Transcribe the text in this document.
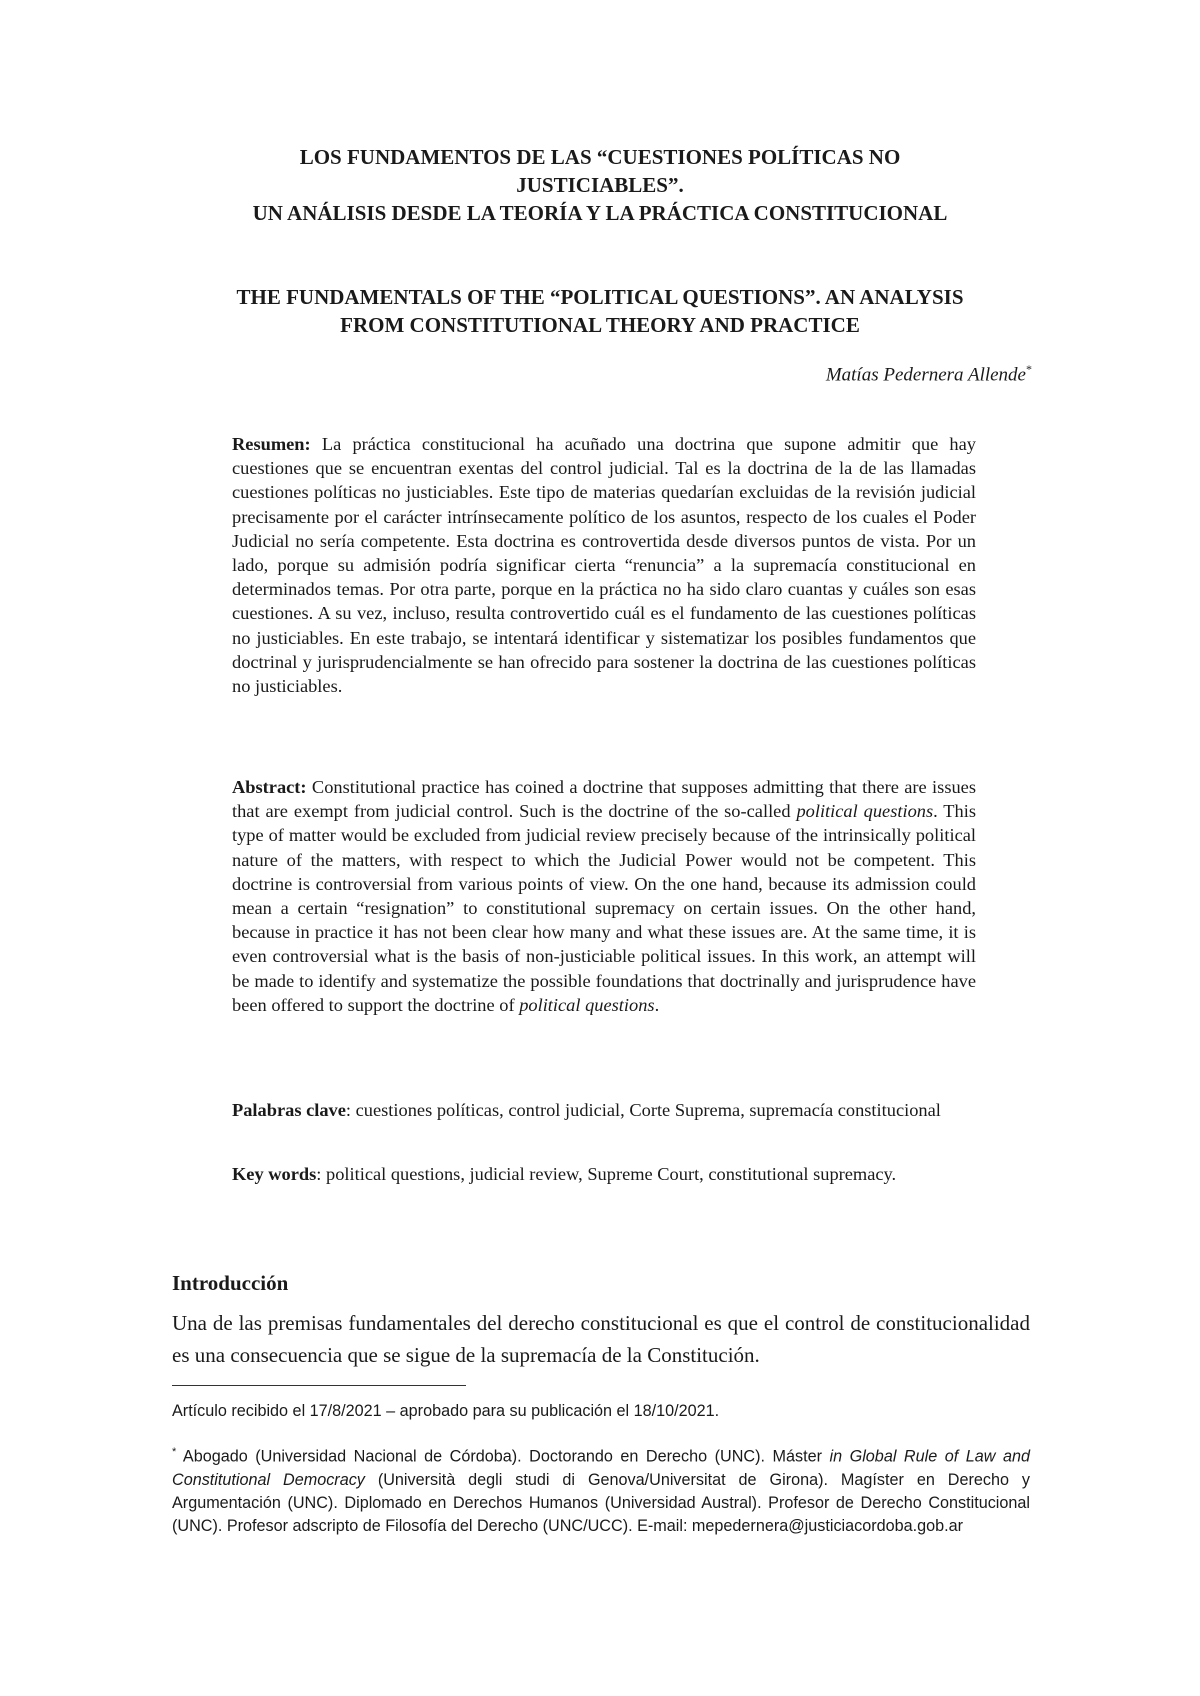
LOS FUNDAMENTOS DE LAS “CUESTIONES POLÍTICAS NO
JUSTICIABLES”.
UN ANÁLISIS DESDE LA TEORÍA Y LA PRÁCTICA CONSTITUCIONAL
THE FUNDAMENTALS OF THE “POLITICAL QUESTIONS”. AN ANALYSIS
FROM CONSTITUTIONAL THEORY AND PRACTICE
Matías Pedernera Allende*

Resumen: La práctica constitucional ha acuñado una doctrina que supone admitir que hay cuestiones que se encuentran exentas del control judicial. Tal es la doctrina de la de las llamadas cuestiones políticas no justiciables. Este tipo de materias quedarían excluidas de la revisión judicial precisamente por el carácter intrínsecamente político de los asuntos, respecto de los cuales el Poder Judicial no sería competente. Esta doctrina es controvertida desde diversos puntos de vista. Por un lado, porque su admisión podría significar cierta “renuncia” a la supremacía constitucional en determinados temas. Por otra parte, porque en la práctica no ha sido claro cuantas y cuáles son esas cuestiones. A su vez, incluso, resulta controvertido cuál es el fundamento de las cuestiones políticas no justiciables. En este trabajo, se intentará identificar y sistematizar los posibles fundamentos que doctrinal y jurisprudencialmente se han ofrecido para sostener la doctrina de las cuestiones políticas no justiciables.

Abstract: Constitutional practice has coined a doctrine that supposes admitting that there are issues that are exempt from judicial control. Such is the doctrine of the so-called political questions. This type of matter would be excluded from judicial review precisely because of the intrinsically political nature of the matters, with respect to which the Judicial Power would not be competent. This doctrine is controversial from various points of view. On the one hand, because its admission could mean a certain “resignation” to constitutional supremacy on certain issues. On the other hand, because in practice it has not been clear how many and what these issues are. At the same time, it is even controversial what is the basis of non-justiciable political issues. In this work, an attempt will be made to identify and systematize the possible foundations that doctrinally and jurisprudence have been offered to support the doctrine of political questions.

Palabras clave: cuestiones políticas, control judicial, Corte Suprema, supremacía constitucional

Key words: political questions, judicial review, Supreme Court, constitutional supremacy.

Introducción

Una de las premisas fundamentales del derecho constitucional es que el control de constitucionalidad es una consecuencia que se sigue de la supremacía de la Constitución.

Artículo recibido el 17/8/2021 – aprobado para su publicación el 18/10/2021.

* Abogado (Universidad Nacional de Córdoba). Doctorando en Derecho (UNC). Máster in Global Rule of Law and Constitutional Democracy (Università degli studi di Genova/Universitat de Girona). Magíster en Derecho y Argumentación (UNC). Diplomado en Derechos Humanos (Universidad Austral). Profesor de Derecho Constitucional (UNC). Profesor adscripto de Filosofía del Derecho (UNC/UCC). E-mail: mepedernera@justiciacordoba.gob.ar
